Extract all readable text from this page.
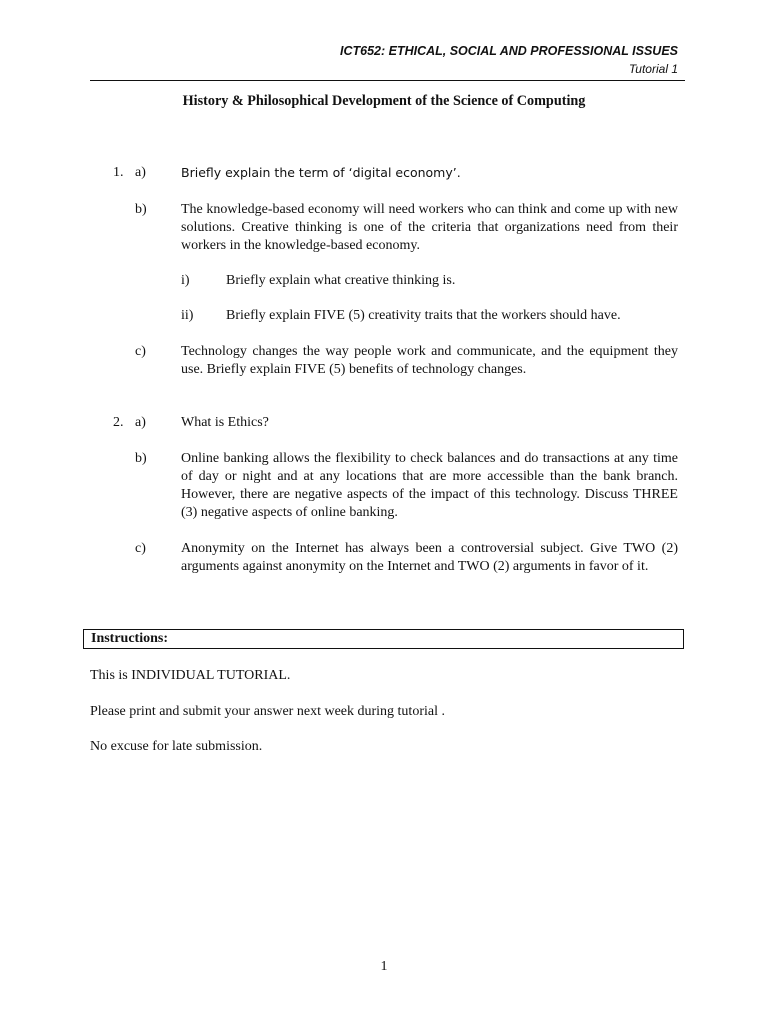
ICT652: ETHICAL, SOCIAL AND PROFESSIONAL ISSUES
Tutorial 1
History & Philosophical Development of the Science of Computing
1. a)	Briefly explain the term of ‘digital economy’.
b) The knowledge-based economy will need workers who can think and come up with new solutions. Creative thinking is one of the criteria that organizations need from their workers in the knowledge-based economy.
i)	Briefly explain what creative thinking is.
ii) Briefly explain FIVE (5) creativity traits that the workers should have.
c)	Technology changes the way people work and communicate, and the equipment they use. Briefly explain FIVE (5) benefits of technology changes.
2. a)	What is Ethics?
b) Online banking allows the flexibility to check balances and do transactions at any time of day or night and at any locations that are more accessible than the bank branch. However, there are negative aspects of the impact of this technology. Discuss THREE (3) negative aspects of online banking.
c)	Anonymity on the Internet has always been a controversial subject. Give TWO (2) arguments against anonymity on the Internet and TWO (2) arguments in favor of it.
Instructions:
This is INDIVIDUAL TUTORIAL.
Please print and submit your answer next week during tutorial .
No excuse for late submission.
1
